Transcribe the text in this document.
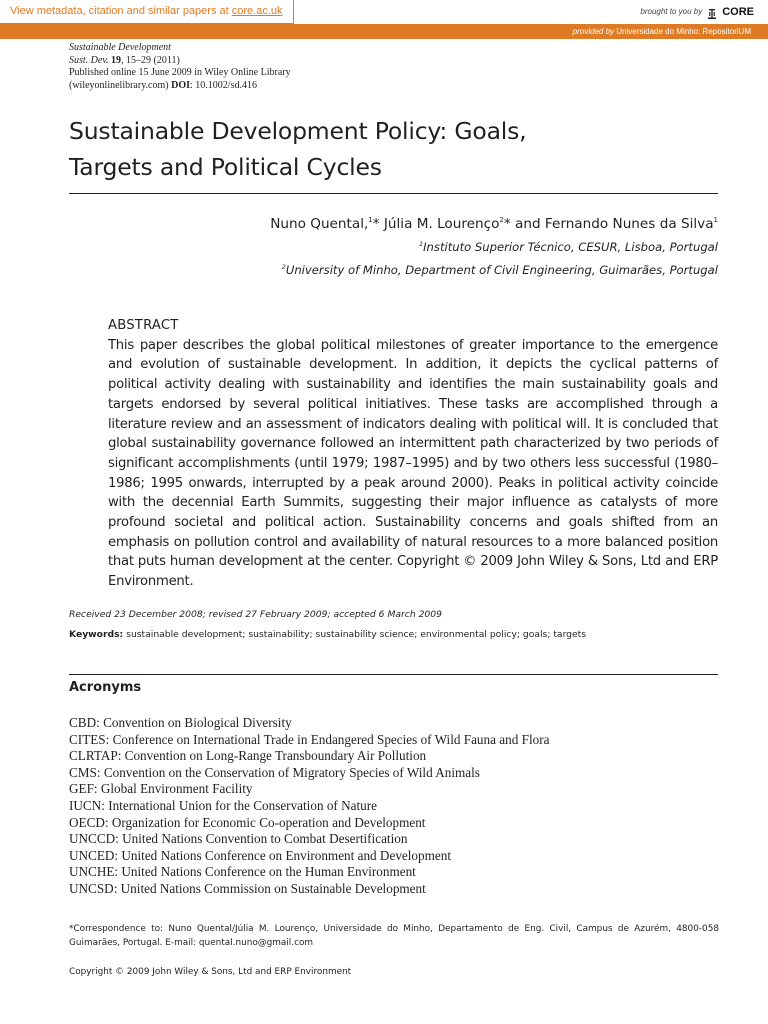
View metadata, citation and similar papers at core.ac.uk	brought to you by CORE
provided by Universidade do Minho: RepositoriUM
Sustainable Development
Sust. Dev. 19, 15–29 (2011)
Published online 15 June 2009 in Wiley Online Library
(wileyonlinelibrary.com) DOI: 10.1002/sd.416
Sustainable Development Policy: Goals,
Targets and Political Cycles
Nuno Quental,$^1$* Júlia M. Lourenço$^2$* and Fernando Nunes da Silva$^1$
$^1$Instituto Superior Técnico, CESUR, Lisboa, Portugal
$^2$University of Minho, Department of Civil Engineering, Guimarães, Portugal
ABSTRACT
This paper describes the global political milestones of greater importance to the emergence and evolution of sustainable development. In addition, it depicts the cyclical patterns of political activity dealing with sustainability and identifies the main sustainability goals and targets endorsed by several political initiatives. These tasks are accomplished through a literature review and an assessment of indicators dealing with political will. It is concluded that global sustainability governance followed an intermittent path characterized by two periods of significant accomplishments (until 1979; 1987–1995) and by two others less successful (1980–1986; 1995 onwards, interrupted by a peak around 2000). Peaks in political activity coincide with the decennial Earth Summits, suggesting their major influence as catalysts of more profound societal and political action. Sustainability concerns and goals shifted from an emphasis on pollution control and availability of natural resources to a more balanced position that puts human development at the center. Copyright © 2009 John Wiley & Sons, Ltd and ERP Environment.
Received 23 December 2008; revised 27 February 2009; accepted 6 March 2009
Keywords: sustainable development; sustainability; sustainability science; environmental policy; goals; targets
Acronyms
CBD: Convention on Biological Diversity
CITES: Conference on International Trade in Endangered Species of Wild Fauna and Flora
CLRTAP: Convention on Long-Range Transboundary Air Pollution
CMS: Convention on the Conservation of Migratory Species of Wild Animals
GEF: Global Environment Facility
IUCN: International Union for the Conservation of Nature
OECD: Organization for Economic Co-operation and Development
UNCCD: United Nations Convention to Combat Desertification
UNCED: United Nations Conference on Environment and Development
UNCHE: United Nations Conference on the Human Environment
UNCSD: United Nations Commission on Sustainable Development
*Correspondence to: Nuno Quental/Júlia M. Lourenço, Universidade do Minho, Departamento de Eng. Civil, Campus de Azurém, 4800-058 Guimarães, Portugal. E-mail: quental.nuno@gmail.com
Copyright © 2009 John Wiley & Sons, Ltd and ERP Environment
